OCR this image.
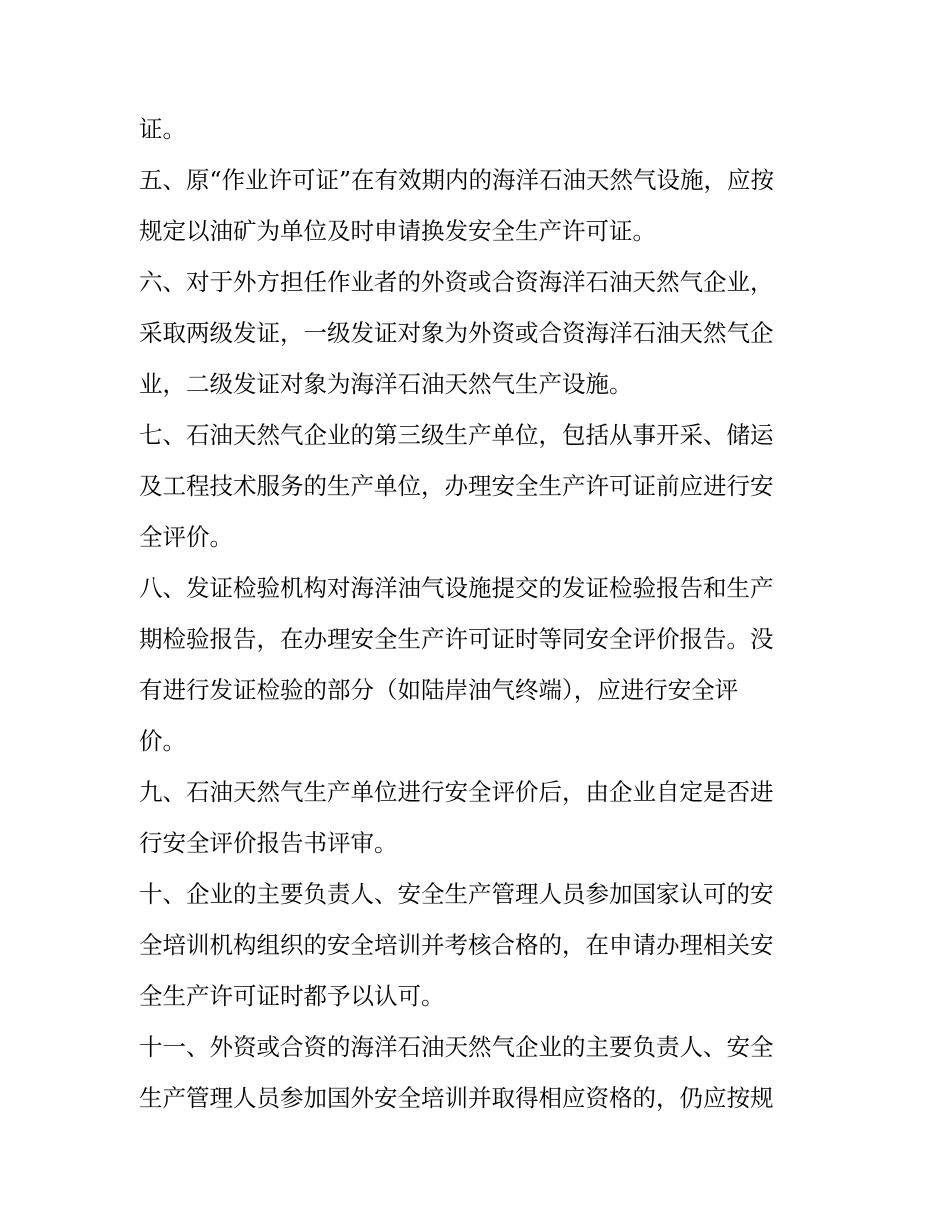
证。
五、原“作业许可证”在有效期内的海洋石油天然气设施，应按
规定以油矿为单位及时申请换发安全生产许可证。
六、对于外方担任作业者的外资或合资海洋石油天然气企业，
采取两级发证，一级发证对象为外资或合资海洋石油天然气企
业，二级发证对象为海洋石油天然气生产设施。
七、石油天然气企业的第三级生产单位，包括从事开采、储运
及工程技术服务的生产单位，办理安全生产许可证前应进行安
全评价。
八、发证检验机构对海洋油气设施提交的发证检验报告和生产
期检验报告，在办理安全生产许可证时等同安全评价报告。没
有进行发证检验的部分（如陆岸油气终端），应进行安全评
价。
九、石油天然气生产单位进行安全评价后，由企业自定是否进
行安全评价报告书评审。
十、企业的主要负责人、安全生产管理人员参加国家认可的安
全培训机构组织的安全培训并考核合格的，在申请办理相关安
全生产许可证时都予以认可。
十一、外资或合资的海洋石油天然气企业的主要负责人、安全
生产管理人员参加国外安全培训并取得相应资格的，仍应按规
